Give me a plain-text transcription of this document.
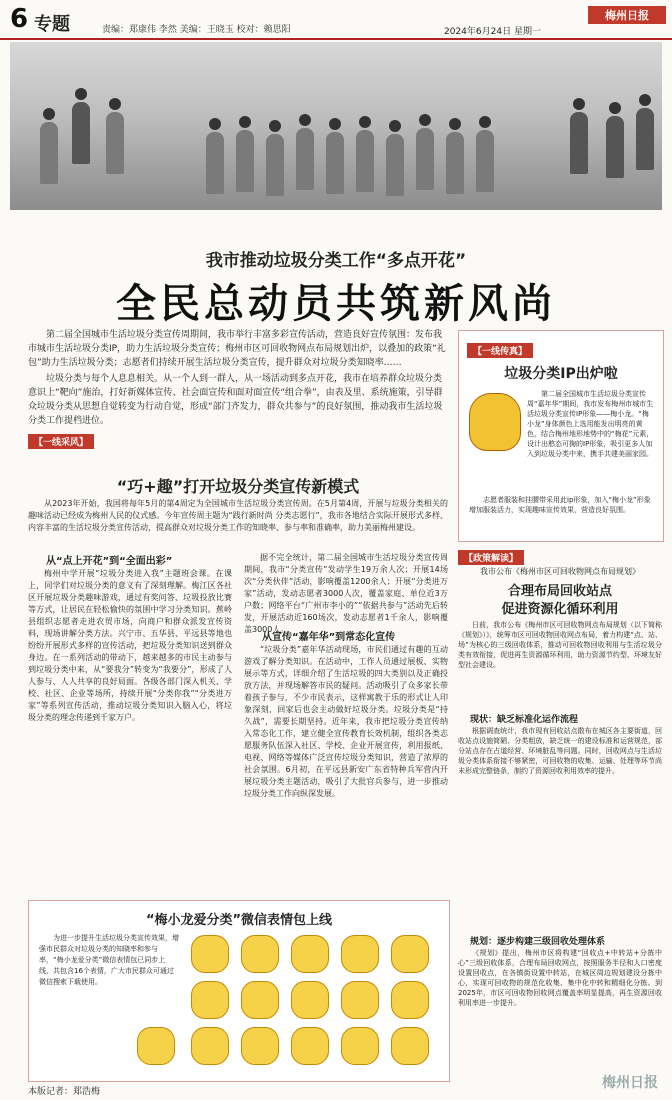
6 专题	责编：郑康伟 李然 美编：王晓玉 校对：赖思阳	2024年6月24日 星期一
梅州日报
我市推动垃圾分类工作“多点开花”
全民总动员共筑新风尚
第二届全国城市生活垃圾分类宣传周期间，我市举行丰富多彩宣传活动，营造良好宣传氛围：发布我市城市生活垃圾分类IP，助力生活垃圾分类宣传；梅州市区可回收物网点布局规划出炉，以叠加的政策“礼包”助力生活垃圾分类；志愿者们持续开展生活垃圾分类宣传，提升群众对垃圾分类知晓率……
垃圾分类与每个人息息相关。从一个人到一群人，从一场活动到多点开花，我市在培养群众垃圾分类意识上“靶向”施治，打好新媒体宣传、社会面宣传和面对面宣传“组合拳”，由表及里、系统施策，引导群众垃圾分类从思想自觉转变为行动自觉，形成“部门齐发力，群众共参与”的良好氛围，推动我市生活垃圾分类工作提档进位。
【一线传真】
垃圾分类IP出炉啦
第二届全国城市生活垃圾分类宣传周“嘉年华”期间，我市发布梅州市城市生活垃圾分类宣传IP形象——梅小龙。“梅小龙”身体颜色上选用能发出明亮的黄色，结合梅州地形地势中的“梅花”元素，设计出憨态可掬的IP形象，吸引更多人加入到垃圾分类中来，携手共建美丽家园。
志愿者服装和挂腰带采用此ip形象，加入“梅小龙”形象增加服装活力，实现趣味宣传效果，营造良好氛围。
【一线采风】
“巧+趣”打开垃圾分类宣传新模式
从2023年开始，我国将每年5月的第4周定为全国城市生活垃圾分类宣传周。在5月第4周，开展与垃圾分类相关的趣味活动已经成为梅州人民的仪式感。今年宣传周主题为“践行新时尚 分类志愿行”，我市各地结合实际开展形式多样、内容丰富的生活垃圾分类宣传活动，提高群众对垃圾分类工作的知晓率、参与率和准确率，助力美丽梅州建设。
从“点上开花”到“全面出彩”
梅州中学开展“垃圾分类进入我”主题班会课。在课上，同学们对垃圾分类的意义有了深刻理解。梅江区各社区开展垃圾分类趣味游戏，通过有奖问答、垃圾投放比赛等方式，让居民在轻松愉快的氛围中学习分类知识。蕉岭县组织志愿者走进农贸市场，向商户和群众派发宣传资料，现场讲解分类方法。兴宁市、五华县、平远县等地也纷纷开展形式多样的宣传活动，把垃圾分类知识送到群众身边。在一系列活动的带动下，越来越多的市民主动参与到垃圾分类中来，从“要我分”转变为“我要分”，形成了人人参与、人人共享的良好局面。各级各部门深入机关、学校、社区、企业等场所，持续开展“分类你我”“分类进万家”等系列宣传活动，推动垃圾分类知识入脑入心，将垃圾分类的理念传递到千家万户。
据不完全统计，第二届全国城市生活垃圾分类宣传周期间，我市“分类宣传”发动学生19万余人次；开展14场次“分类伙伴”活动，影响覆盖1200余人；开展“分类进万家”活动，发动志愿者3000人次，覆盖家庭、单位近3万户数；网络平台“广州市李小的”“依据共参与”活动先后转发，开展活动近160场次，发动志愿者1千余人，影响覆盖3000人。
从宣传“嘉年华”到常态化宣传
“垃圾分类”嘉年华活动现场，市民们通过有趣的互动游戏了解分类知识。在活动中，工作人员通过展板、实物展示等方式，详细介绍了生活垃圾的四大类别以及正确投放方法，并现场解答市民的疑问。活动吸引了众多家长带着孩子参与，不少市民表示，这样寓教于乐的形式让人印象深刻，回家后也会主动做好垃圾分类。垃圾分类是“持久战”，需要长期坚持。近年来，我市把垃圾分类宣传纳入常态化工作，建立健全宣传教育长效机制，组织各类志愿服务队伍深入社区、学校、企业开展宣传，利用报纸、电视、网络等媒体广泛宣传垃圾分类知识，营造了浓厚的社会氛围。6月初，在平远县新安广东省特种兵军营内开展垃圾分类主题活动，吸引了大批官兵参与，进一步推动垃圾分类工作向纵深发展。
【政策解读】
我市公布《梅州市区可回收物网点布局规划》
合理布局回收站点
促进资源化循环利用
日前，我市公布《梅州市区可回收物网点布局规划（以下简称《规划》）》，统筹市区可回收物回收网点布局，着力构建“点、站、场”为核心的三级回收体系，推动可回收物回收利用与生活垃圾分类有效衔接，促进再生资源循环利用，助力资源节约型、环境友好型社会建设。
现状：缺乏标准化运作流程
根据调查统计，我市现有回收站点散布在城区各主要街道，回收站点设施简陋、分类粗放，缺乏统一的建设标准和运营规范，部分站点存在占道经营、环境脏乱等问题。同时，回收网点与生活垃圾分类体系衔接不够紧密，可回收物的收集、运输、处理等环节尚未形成完整链条，制约了资源回收利用效率的提升。
规划：逐步构建三级回收处理体系
《规划》提出，梅州市区将构建“回收点+中转站+分拣中心”三级回收体系，合理布局回收网点，按照服务半径和人口密度设置回收点，在各镇街设置中转站，在城区周边规划建设分拣中心，实现可回收物的规范化收集、集中化中转和精细化分拣。到2025年，市区可回收物回收网点覆盖率明显提高，再生资源回收利用率进一步提升。
“梅小龙爱分类”微信表情包上线
为进一步提升生活垃圾分类宣传效果，增强市民群众对垃圾分类的知晓率和参与率，“梅小龙爱分类”微信表情包已同步上线，共包含16个表情，广大市民群众可通过微信搜索下载使用。
本版记者：郑浩梅
梅州日报
